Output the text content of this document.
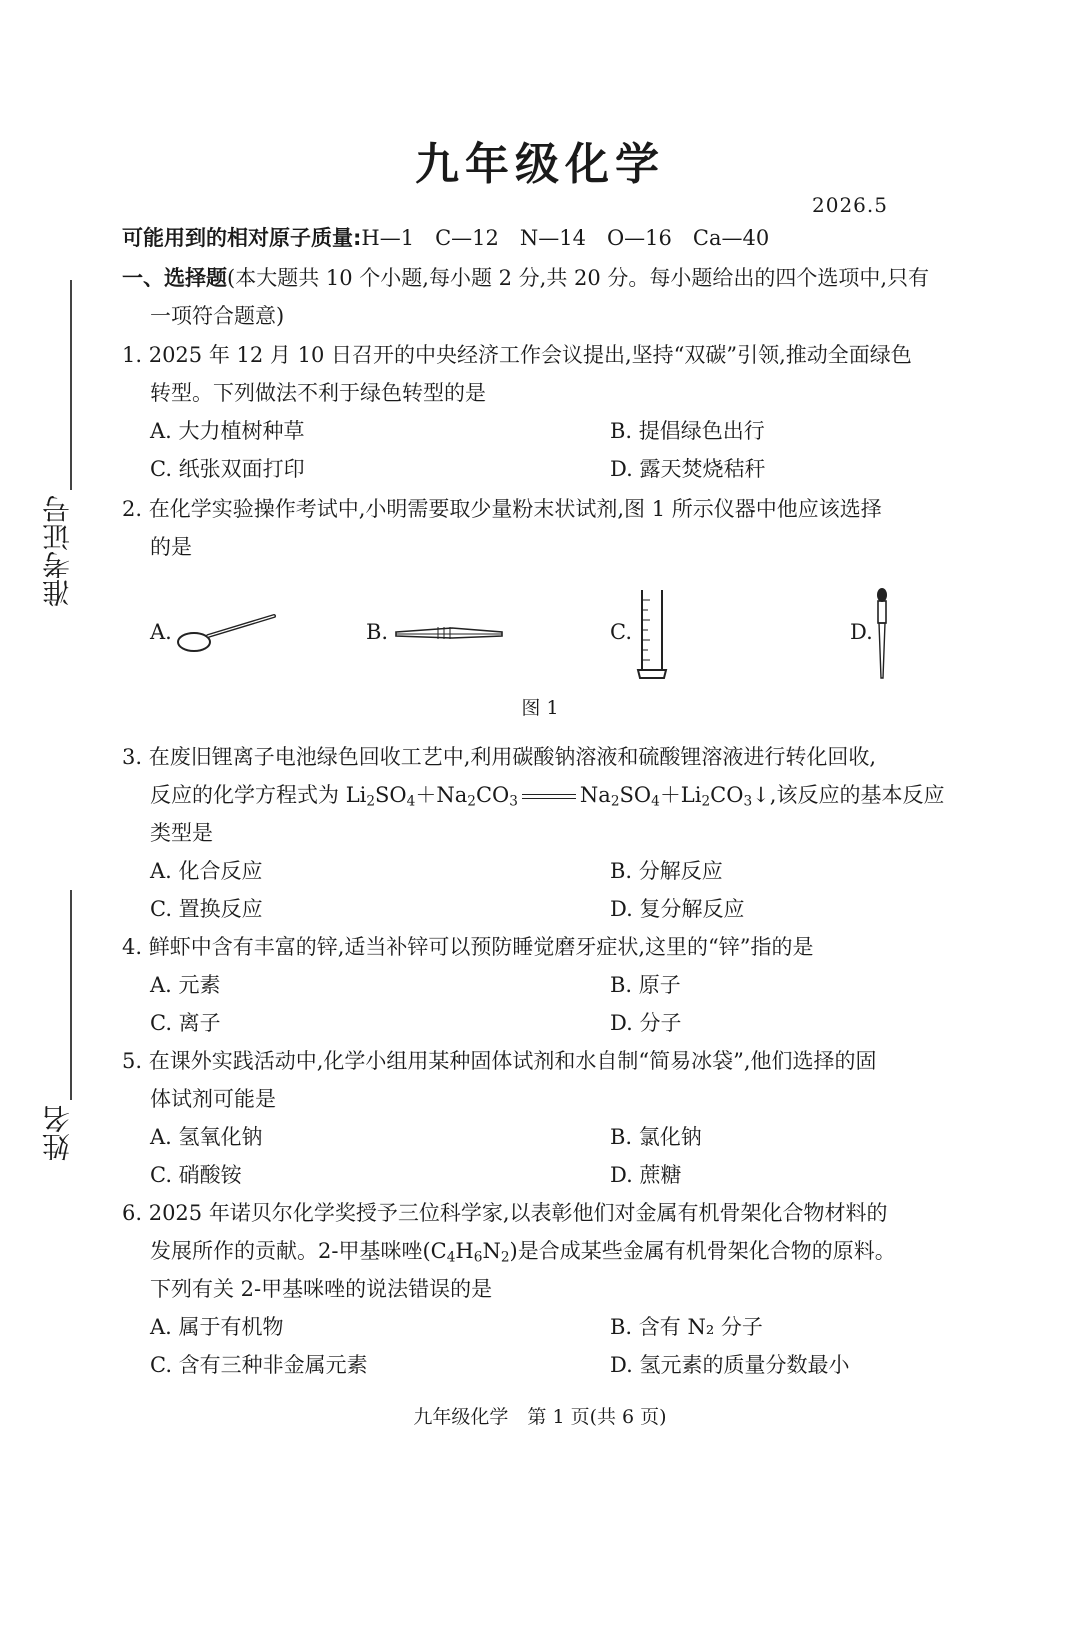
九年级化学
2026.5
可能用到的相对原子质量:H—1　C—12　N—14　O—16　Ca—40
准考证号
姓名
一、选择题(本大题共 10 个小题,每小题 2 分,共 20 分。每小题给出的四个选项中,只有
一项符合题意)
1. 2025 年 12 月 10 日召开的中央经济工作会议提出,坚持“双碳”引领,推动全面绿色
转型。下列做法不利于绿色转型的是
A. 大力植树种草	B. 提倡绿色出行
C. 纸张双面打印	D. 露天焚烧秸秆
2. 在化学实验操作考试中,小明需要取少量粉末状试剂,图 1 所示仪器中他应该选择
的是
A.	B.	C.	D.
图 1
3. 在废旧锂离子电池绿色回收工艺中,利用碳酸钠溶液和硫酸锂溶液进行转化回收,
反应的化学方程式为 $Li_2SO_4+Na_2CO_3$	$Na_2SO_4+Li_2CO_3↓$,该反应的基本反应
类型是
A. 化合反应	B. 分解反应
C. 置换反应	D. 复分解反应
4. 鲜虾中含有丰富的锌,适当补锌可以预防睡觉磨牙症状,这里的“锌”指的是
A. 元素	B. 原子
C. 离子	D. 分子
5. 在课外实践活动中,化学小组用某种固体试剂和水自制“简易冰袋”,他们选择的固
体试剂可能是
A. 氢氧化钠	B. 氯化钠
C. 硝酸铵	D. 蔗糖
6. 2025 年诺贝尔化学奖授予三位科学家,以表彰他们对金属有机骨架化合物材料的
发展所作的贡献。2-甲基咪唑$(C_4H_6N_2)$是合成某些金属有机骨架化合物的原料。
下列有关 2-甲基咪唑的说法错误的是
A. 属于有机物	B. 含有 N₂ 分子
C. 含有三种非金属元素	D. 氢元素的质量分数最小
九年级化学　第 1 页(共 6 页)
